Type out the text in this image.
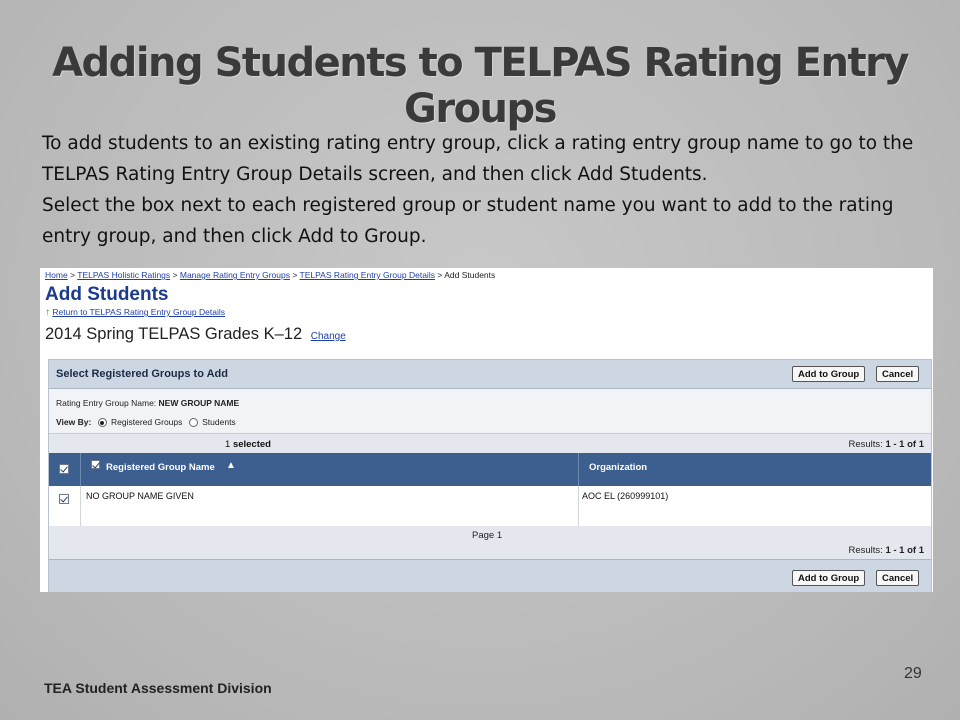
Adding Students to TELPAS Rating Entry Groups

To add students to an existing rating entry group, click a rating entry group name to go to the TELPAS Rating Entry Group Details screen, and then click Add Students.

Select the box next to each registered group or student name you want to add to the rating entry group, and then click Add to Group.

Home > TELPAS Holistic Ratings > Manage Rating Entry Groups > TELPAS Rating Entry Group Details > Add Students
Add Students
↑ Return to TELPAS Rating Entry Group Details
2014 Spring TELPAS Grades K–12 Change
Select Registered Groups to Add	Add to Group	Cancel
Rating Entry Group Name: NEW GROUP NAME
View By: Registered Groups Students
1 selected	Results: 1 - 1 of 1
Registered Group Name ▲	Organization
NO GROUP NAME GIVEN	AOC EL (260999101)
Page 1
Results: 1 - 1 of 1
Add to Group	Cancel
TEA Student Assessment Division
29
